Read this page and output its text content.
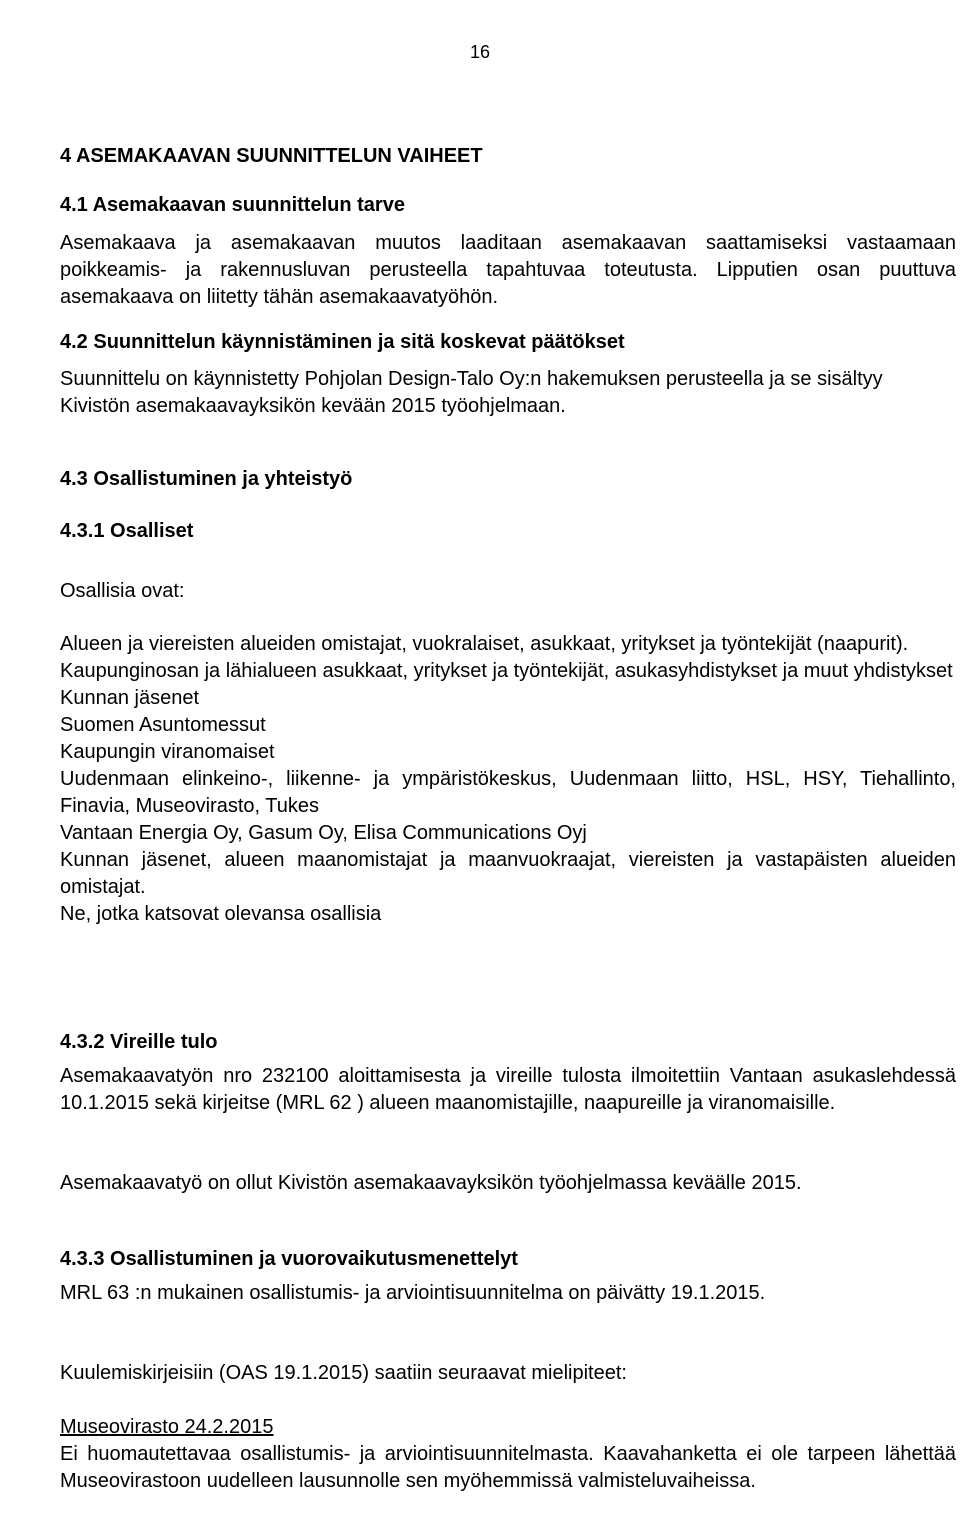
Kivistö, Asemakaava- ja asemakaavan muutosehdotus, Kivistö, Kaavanro: 232100,
Kaavaselostus 18.5.2015, 5.10.2015 tarkistettu
16

4 ASEMAKAAVAN SUUNNITTELUN VAIHEET

4.1 Asemakaavan suunnittelun tarve

Asemakaava ja asemakaavan muutos laaditaan asemakaavan saattamiseksi vastaamaan poikkeamis- ja rakennusluvan perusteella tapahtuvaa toteutusta. Lipputien osan puuttuva asemakaava on liitetty tähän asemakaavatyöhön.

4.2 Suunnittelun käynnistäminen ja sitä koskevat päätökset

Suunnittelu on käynnistetty Pohjolan Design-Talo Oy:n hakemuksen perusteella ja se sisältyy Kivistön asemakaavayksikön kevään 2015 työohjelmaan.

4.3 Osallistuminen ja yhteistyö

4.3.1 Osalliset

Osallisia ovat:

Alueen ja viereisten alueiden omistajat, vuokralaiset, asukkaat, yritykset ja työntekijät (naapurit).
Kaupunginosan ja lähialueen asukkaat, yritykset ja työntekijät, asukasyhdistykset ja muut yhdistykset
Kunnan jäsenet
Suomen Asuntomessut
Kaupungin viranomaiset
Uudenmaan elinkeino-, liikenne- ja ympäristökeskus, Uudenmaan liitto, HSL, HSY, Tiehallinto, Finavia, Museovirasto, Tukes
Vantaan Energia Oy, Gasum Oy, Elisa Communications Oyj
Kunnan jäsenet, alueen maanomistajat ja maanvuokraajat, viereisten ja vastapäisten alueiden omistajat.
Ne, jotka katsovat olevansa osallisia

4.3.2 Vireille tulo

Asemakaavatyön nro 232100 aloittamisesta ja vireille tulosta ilmoitettiin Vantaan asukaslehdessä 10.1.2015 sekä kirjeitse (MRL 62 ) alueen maanomistajille, naapureille ja viranomaisille.

Asemakaavatyö on ollut Kivistön asemakaavayksikön työohjelmassa keväälle 2015.

4.3.3 Osallistuminen ja vuorovaikutusmenettelyt

MRL 63 :n mukainen osallistumis- ja arviointisuunnitelma on päivätty 19.1.2015.

Kuulemiskirjeisiin (OAS 19.1.2015) saatiin seuraavat mielipiteet:

Museovirasto 24.2.2015

Ei huomautettavaa osallistumis- ja arviointisuunnitelmasta. Kaavahanketta ei ole tarpeen lähettää Museovirastoon uudelleen lausunnolle sen myöhemmissä valmisteluvaiheissa.
